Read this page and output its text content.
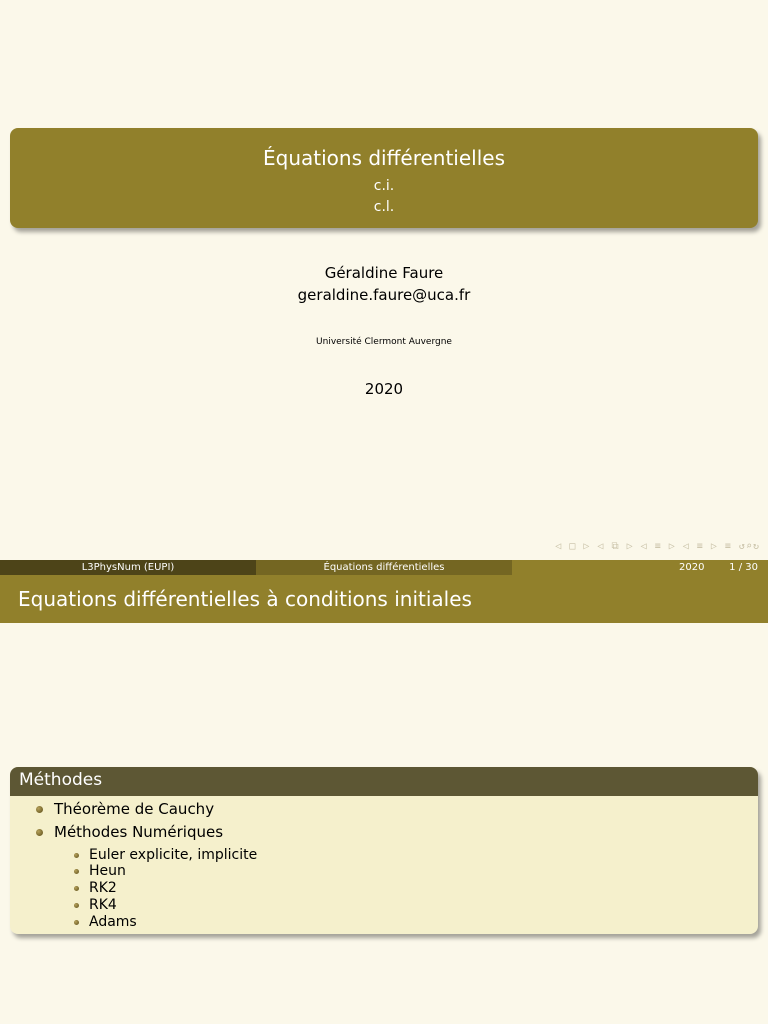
Équations différentielles
c.i.
c.l.
Géraldine Faure
geraldine.faure@uca.fr
Université Clermont Auvergne
2020
◁ □ ▷ ◁ ⧉ ▷ ◁ ≡ ▷ ◁ ≡ ▷ ≡ ↺⌕↻
L3PhysNum (EUPI)	Équations différentielles	2020 1 / 30
Equations différentielles à conditions initiales
Méthodes
Théorème de Cauchy
Méthodes Numériques
Euler explicite, implicite
Heun
RK2
RK4
Adams
